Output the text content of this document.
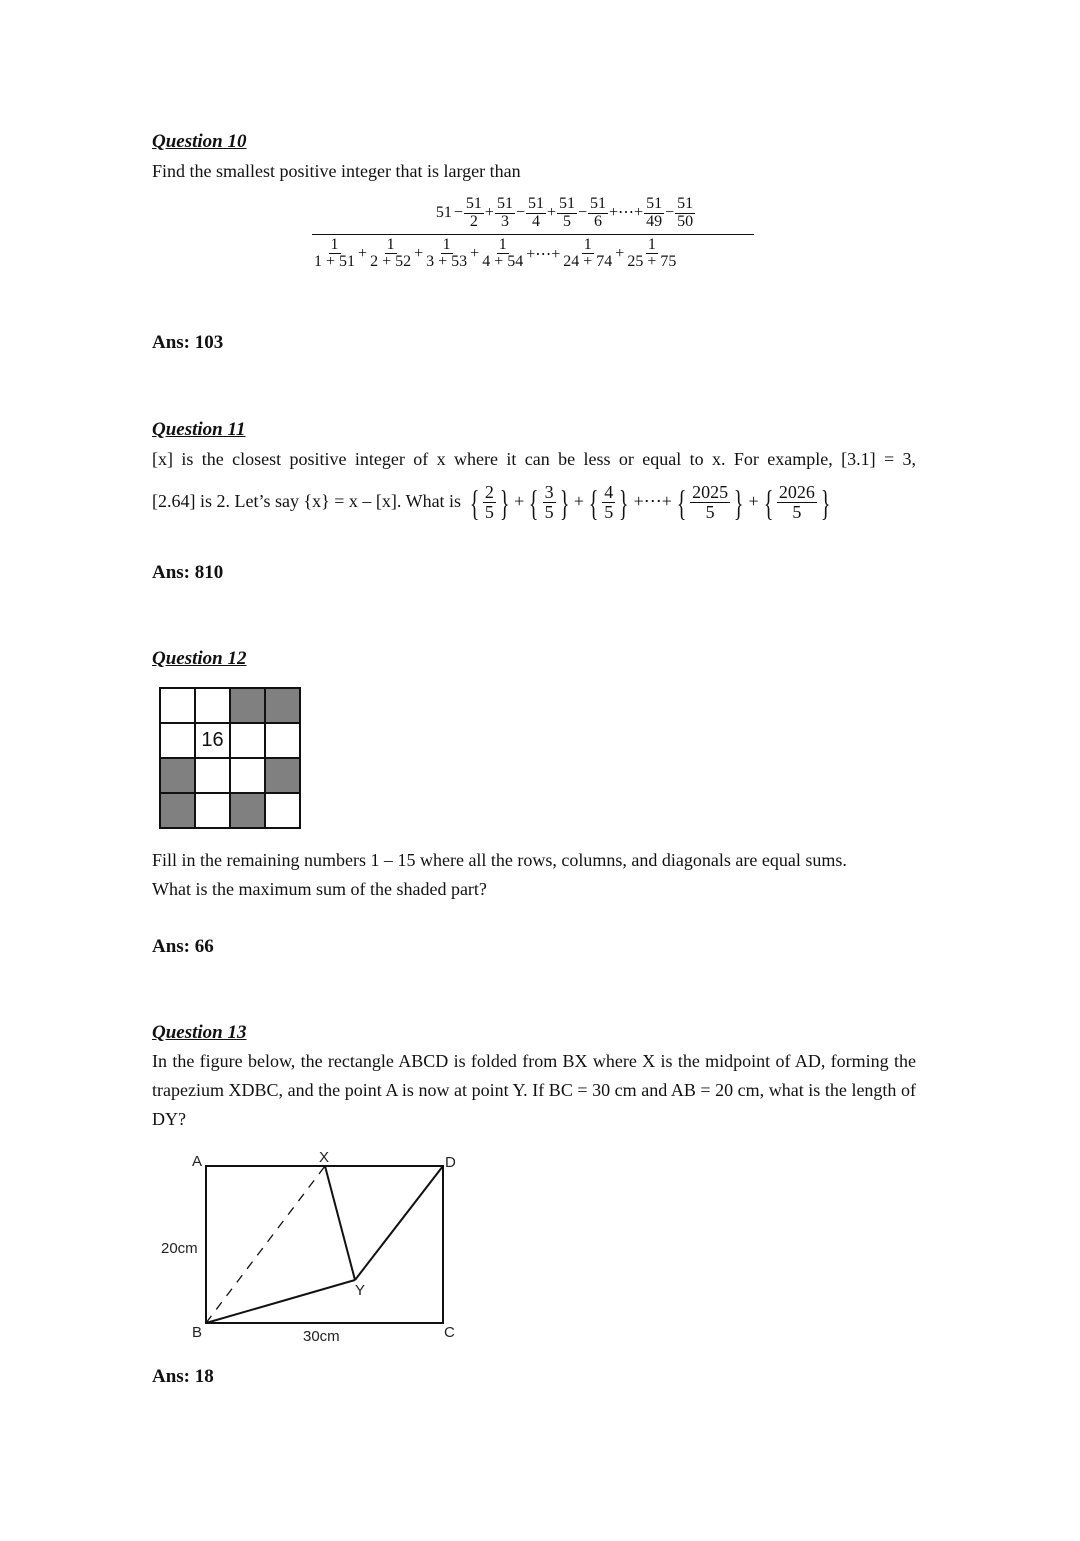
Question 10
Find the smallest positive integer that is larger than
$51 - \frac{51}{2} + \frac{51}{3} - \frac{51}{4} + \frac{51}{5} - \frac{51}{6}$ +⋯+ $\frac{51}{49} - \frac{51}{50}$
$\frac{1}{1 + 51} + \frac{1}{2 + 52} + \frac{1}{3 + 53} + \frac{1}{4 + 54}$ +⋯+ $\frac{1}{24 + 74} + \frac{1}{25 + 75}$
Ans: 103
Question 11
[x] is the closest positive integer of x where it can be less or equal to x. For example, [3.1] = 3,
[2.64] is 2. Let’s say {x} = x – [x]. What is { $\frac{2}{5}$ } + { $\frac{3}{5}$ } + { $\frac{4}{5}$ } +⋯+ { $\frac{2025}{5}$ } + { $\frac{2026}{5}$ }
Ans: 810
Question 12
16
Fill in the remaining numbers 1 – 15 where all the rows, columns, and diagonals are equal sums.
What is the maximum sum of the shaded part?
Ans: 66
Question 13
In the figure below, the rectangle ABCD is folded from BX where X is the midpoint of AD, forming the trapezium XDBC, and the point A is now at point Y. If BC = 30 cm and AB = 20 cm, what is the length of DY?
A	X	D
B	C
Y
20cm
30cm
Ans: 18
